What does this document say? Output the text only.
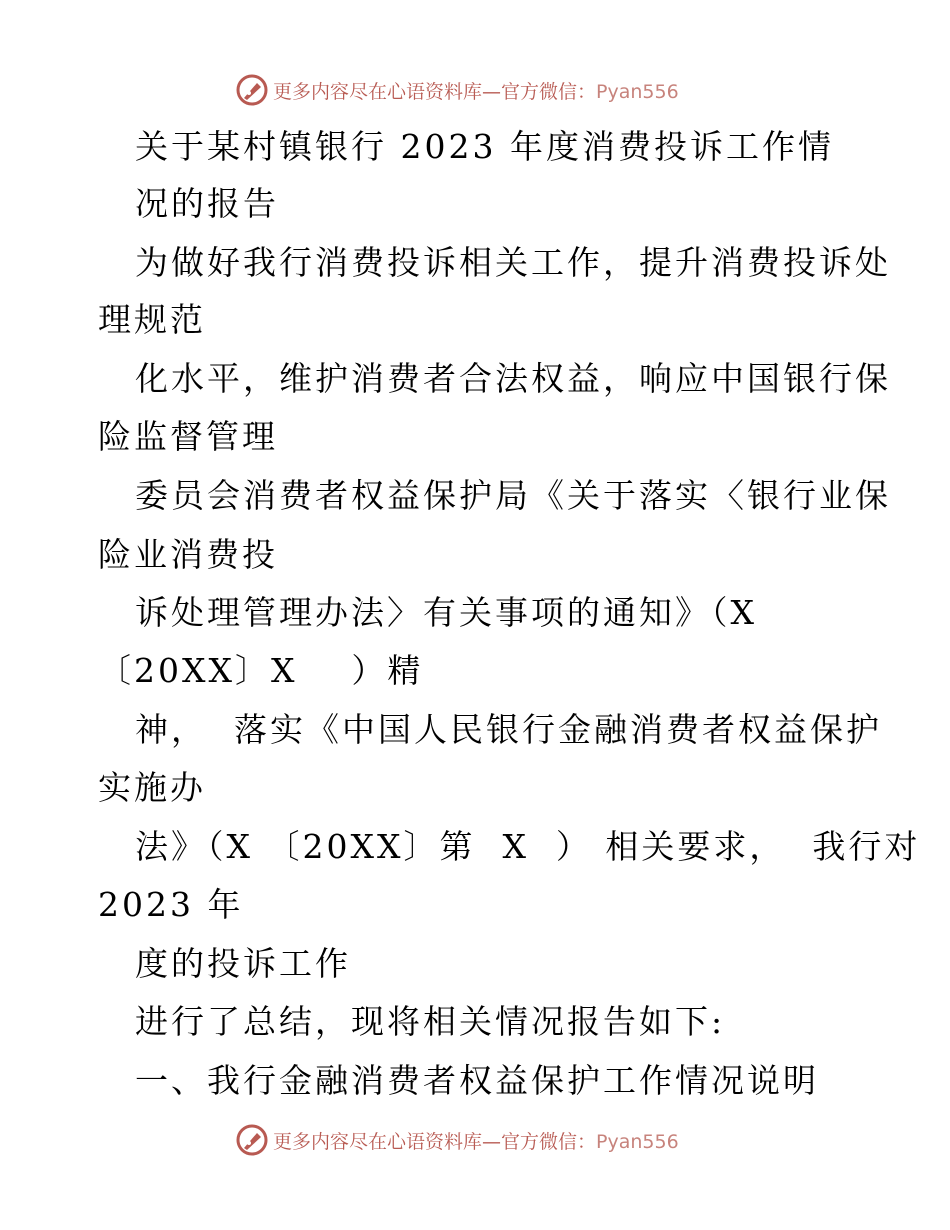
更多内容尽在心语资料库—官方微信：Pyan556
关于某村镇银行 2023 年度消费投诉工作情
况的报告
为做好我行消费投诉相关工作，提升消费投诉处
理规范
化水平，维护消费者合法权益，响应中国银行保
险监督管理
委员会消费者权益保护局《关于落实〈银行业保
险业消费投
诉处理管理办法〉有关事项的通知》（X
〔20XX〕X    ）精
神，  落实《中国人民银行金融消费者权益保护
实施办
法》（X 〔20XX〕第  X  ） 相关要求，  我行对
2023 年
度的投诉工作
进行了总结，现将相关情况报告如下:
一、我行金融消费者权益保护工作情况说明
更多内容尽在心语资料库—官方微信：Pyan556
